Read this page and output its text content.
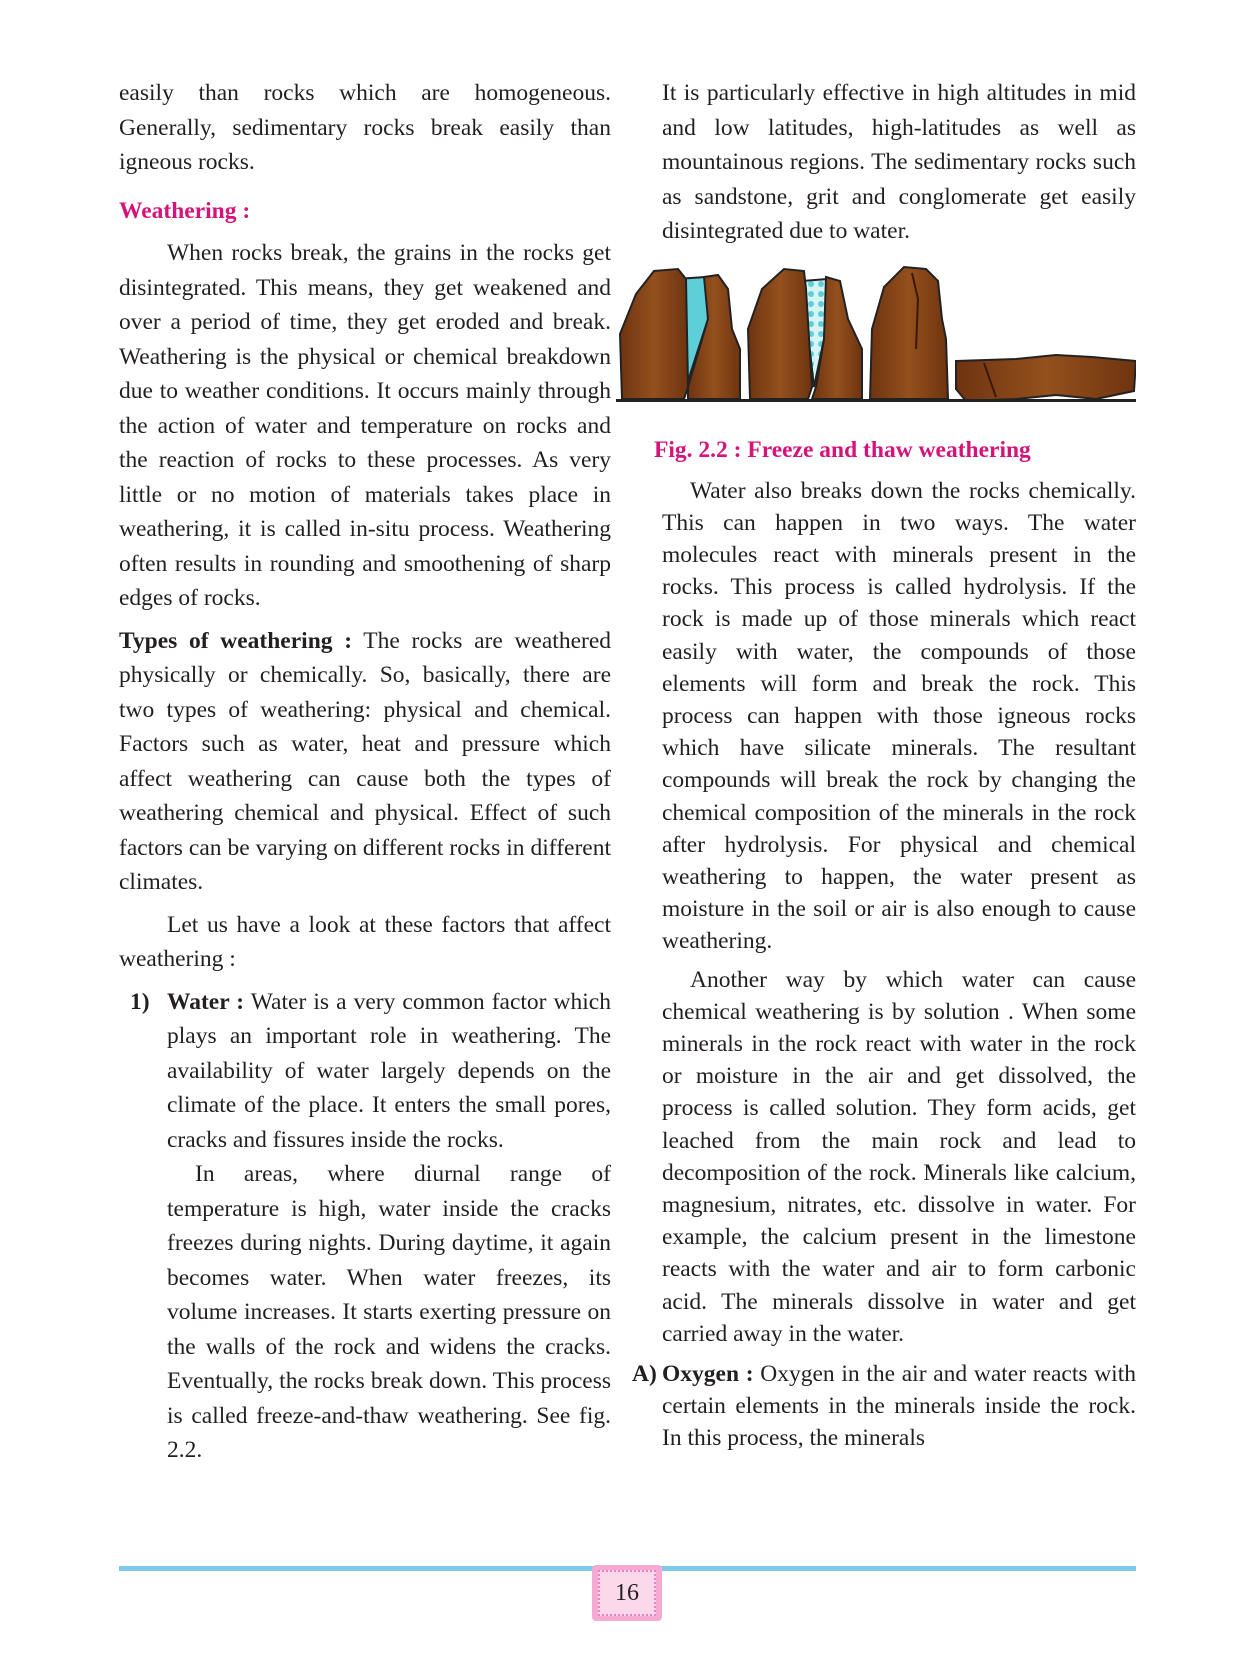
easily than rocks which are homogeneous. Generally, sedimentary rocks break easily than igneous rocks.

Weathering :

When rocks break, the grains in the rocks get disintegrated. This means, they get weakened and over a period of time, they get eroded and break. Weathering is the physical or chemical breakdown due to weather conditions. It occurs mainly through the action of water and temperature on rocks and the reaction of rocks to these processes. As very little or no motion of materials takes place in weathering, it is called in-situ process. Weathering often results in rounding and smoothening of sharp edges of rocks.

Types of weathering : The rocks are weathered physically or chemically. So, basically, there are two types of weathering: physical and chemical. Factors such as water, heat and pressure which affect weathering can cause both the types of weathering chemical and physical. Effect of such factors can be varying on different rocks in different climates.

Let us have a look at these factors that affect weathering :

1) Water : Water is a very common factor which plays an important role in weathering. The availability of water largely depends on the climate of the place. It enters the small pores, cracks and fissures inside the rocks.

In areas, where diurnal range of temperature is high, water inside the cracks freezes during nights. During daytime, it again becomes water. When water freezes, its volume increases. It starts exerting pressure on the walls of the rock and widens the cracks. Eventually, the rocks break down. This process is called freeze-and-thaw weathering. See fig. 2.2.

It is particularly effective in high altitudes in mid and low latitudes, high-latitudes as well as mountainous regions. The sedimentary rocks such as sandstone, grit and conglomerate get easily disintegrated due to water.

Fig. 2.2 : Freeze and thaw weathering

Water also breaks down the rocks chemically. This can happen in two ways. The water molecules react with minerals present in the rocks. This process is called hydrolysis. If the rock is made up of those minerals which react easily with water, the compounds of those elements will form and break the rock. This process can happen with those igneous rocks which have silicate minerals. The resultant compounds will break the rock by changing the chemical composition of the minerals in the rock after hydrolysis. For physical and chemical weathering to happen, the water present as moisture in the soil or air is also enough to cause weathering.

Another way by which water can cause chemical weathering is by solution . When some minerals in the rock react with water in the rock or moisture in the air and get dissolved, the process is called solution. They form acids, get leached from the main rock and lead to decomposition of the rock. Minerals like calcium, magnesium, nitrates, etc. dissolve in water. For example, the calcium present in the limestone reacts with the water and air to form carbonic acid. The minerals dissolve in water and get carried away in the water.

A) Oxygen : Oxygen in the air and water reacts with certain elements in the minerals inside the rock. In this process, the minerals

16
